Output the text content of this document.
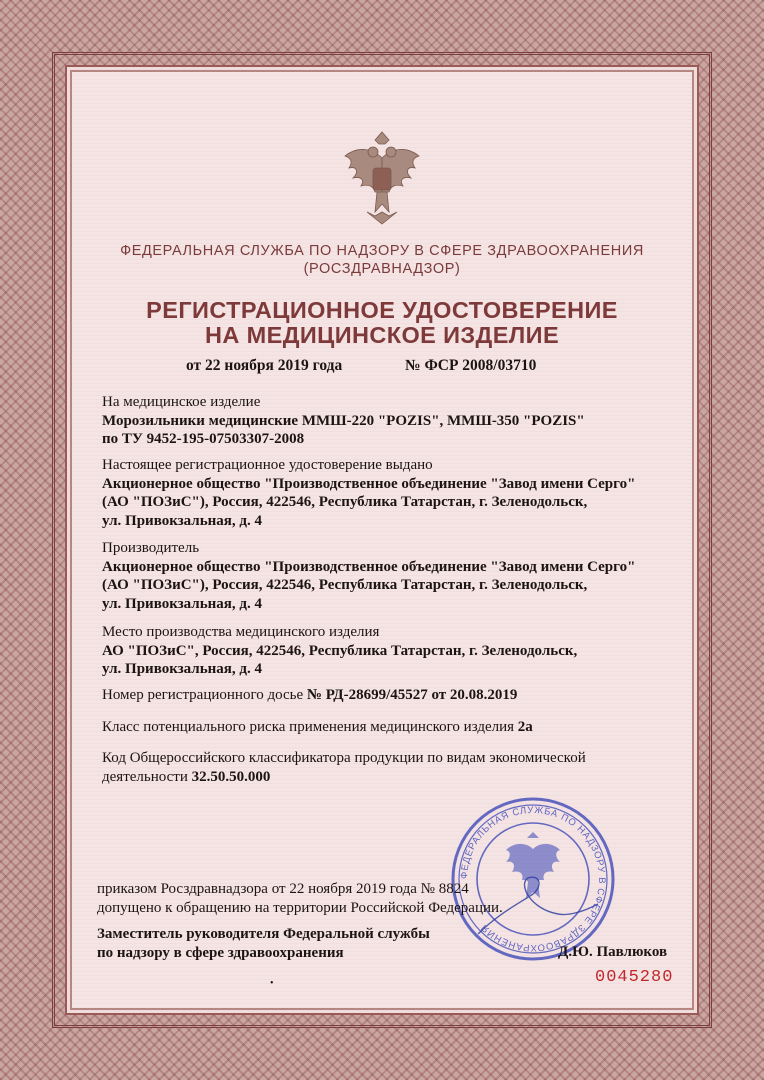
ФЕДЕРАЛЬНАЯ СЛУЖБА ПО НАДЗОРУ В СФЕРЕ ЗДРАВООХРАНЕНИЯ
(РОСЗДРАВНАДЗОР)
РЕГИСТРАЦИОННОЕ УДОСТОВЕРЕНИЕ
НА МЕДИЦИНСКОЕ ИЗДЕЛИЕ
от 22 ноября 2019 года	№ ФСР 2008/03710
На медицинское изделие
Морозильники медицинские ММШ-220 "POZIS", ММШ-350 "POZIS"
по ТУ 9452-195-07503307-2008
Настоящее регистрационное удостоверение выдано
Акционерное общество "Производственное объединение "Завод имени Серго"
(АО "ПОЗиС"), Россия, 422546, Республика Татарстан, г. Зеленодольск,
ул. Привокзальная, д. 4
Производитель
Акционерное общество "Производственное объединение "Завод имени Серго"
(АО "ПОЗиС"), Россия, 422546, Республика Татарстан, г. Зеленодольск,
ул. Привокзальная, д. 4
Место производства медицинского изделия
АО "ПОЗиС", Россия, 422546, Республика Татарстан, г. Зеленодольск,
ул. Привокзальная, д. 4
Номер регистрационного досье № РД-28699/45527 от 20.08.2019
Класс потенциального риска применения медицинского изделия 2а
Код Общероссийского классификатора продукции по видам экономической
деятельности 32.50.50.000
ФЕДЕРАЛЬНАЯ СЛУЖБА ПО НАДЗОРУ В СФЕРЕ ЗДРАВООХРАНЕНИЯ
приказом Росздравнадзора от 22 ноября 2019 года № 8824
допущено к обращению на территории Российской Федерации.
Заместитель руководителя Федеральной службы
по надзору в сфере здравоохранения	Д.Ю. Павлюков
0045280
•
